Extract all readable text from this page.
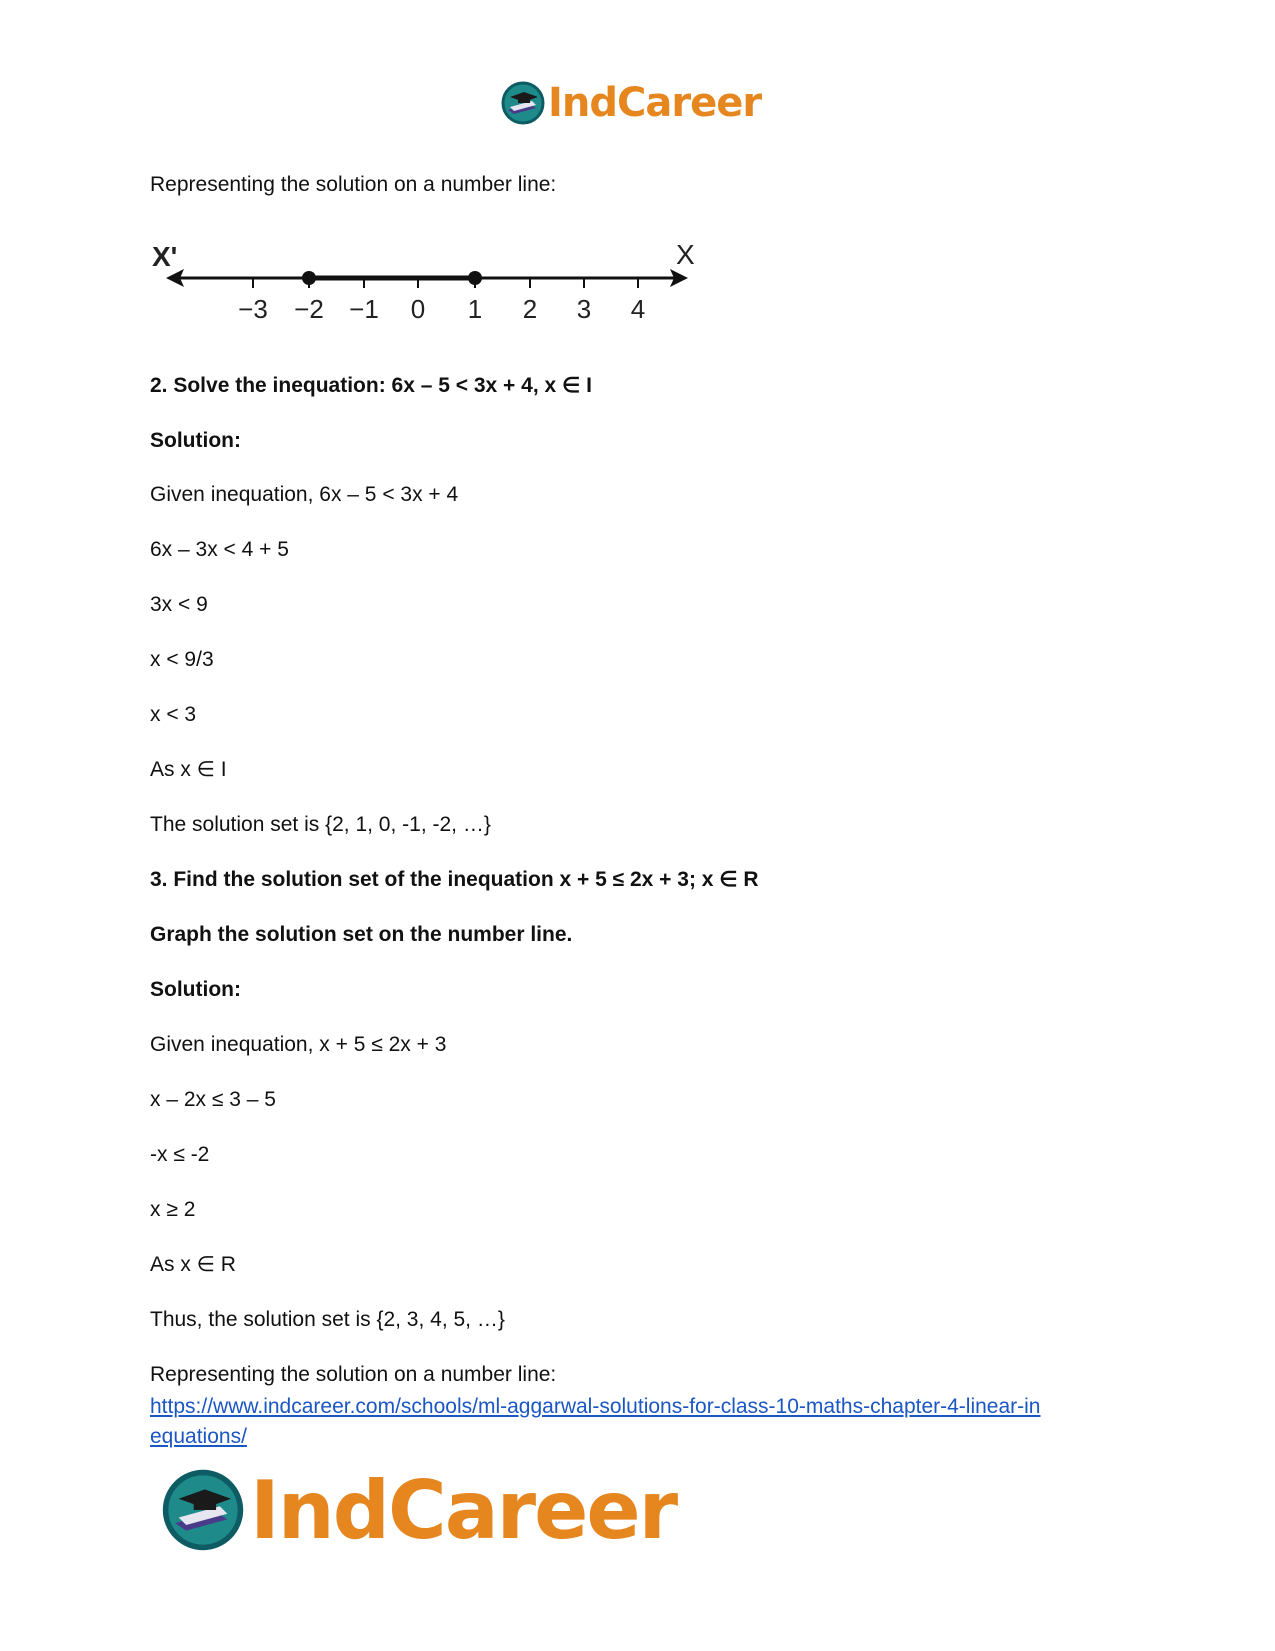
IndCareer
Representing the solution on a number line:
X'	X
−3 −2 −1 0 1 2 3 4
2. Solve the inequation: 6x – 5 < 3x + 4, x ∈ I
Solution:
Given inequation, 6x – 5 < 3x + 4
6x – 3x < 4 + 5
3x < 9
x < 9/3
x < 3
As x ∈ I
The solution set is {2, 1, 0, -1, -2, …}
3. Find the solution set of the inequation x + 5 ≤ 2x + 3; x ∈ R
Graph the solution set on the number line.
Solution:
Given inequation, x + 5 ≤ 2x + 3
x – 2x ≤ 3 – 5
-x ≤ -2
x ≥ 2
As x ∈ R
Thus, the solution set is {2, 3, 4, 5, …}
Representing the solution on a number line:
https://www.indcareer.com/schools/ml-aggarwal-solutions-for-class-10-maths-chapter-4-linear-in
equations/
IndCareer
